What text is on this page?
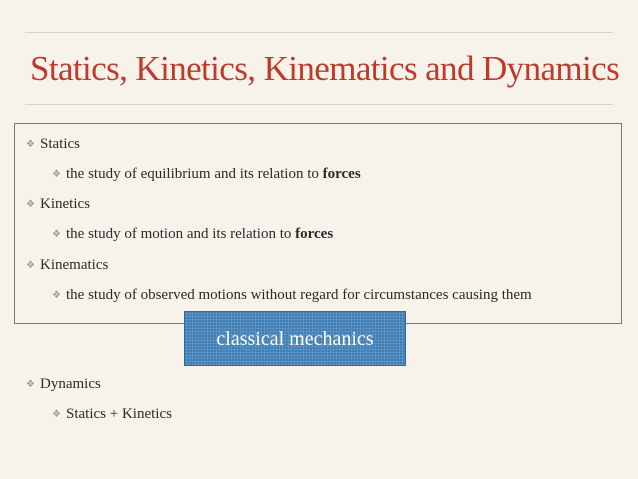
Statics, Kinetics, Kinematics and Dynamics
❖ Statics
❖ the study of equilibrium and its relation to forces
❖ Kinetics
❖ the study of motion and its relation to forces
❖ Kinematics
❖ the study of observed motions without regard for circumstances causing them
classical mechanics
❖ Dynamics
❖ Statics + Kinetics
